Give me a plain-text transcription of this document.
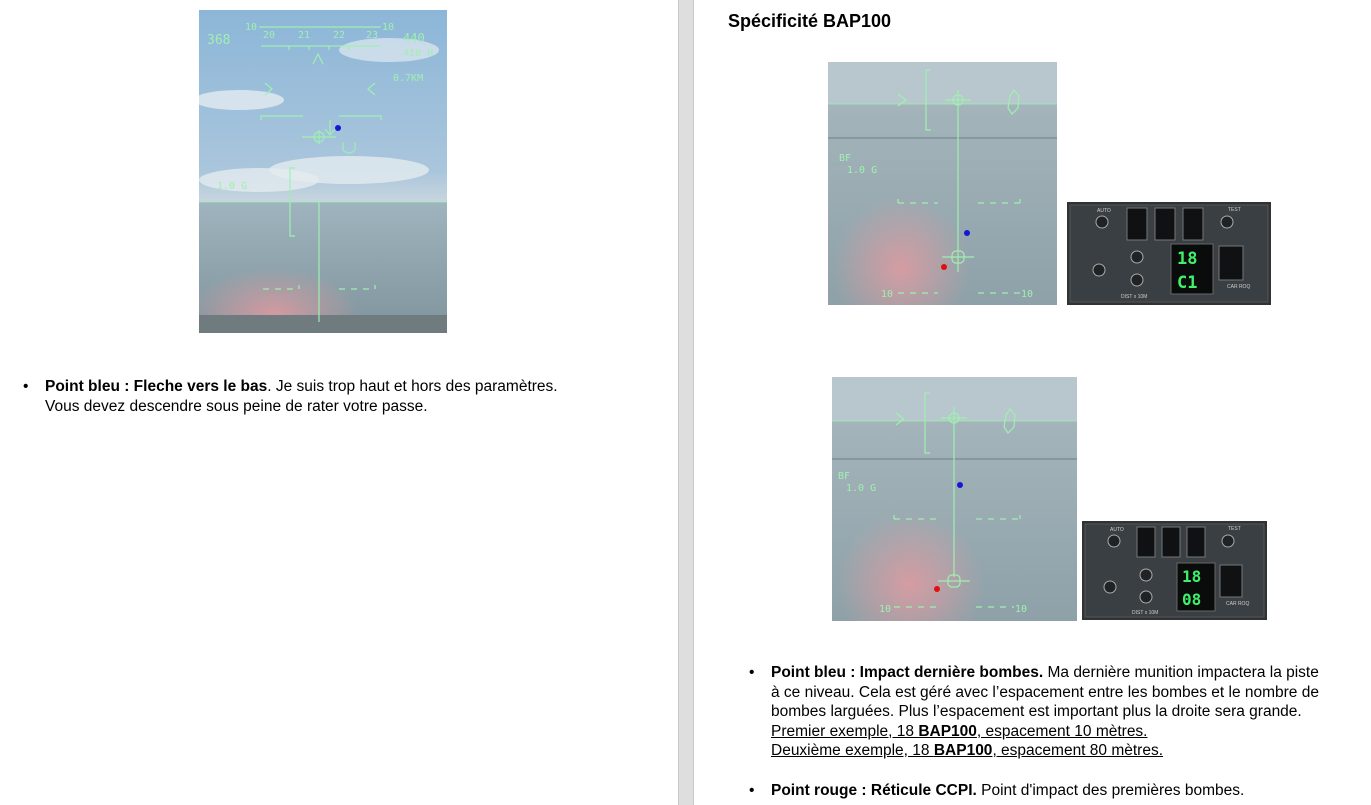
368	440
410 H
0.7KM
1.0 G
10	10
20 21 22 23
• Point bleu : Fleche vers le bas. Je suis trop haut et hors des paramètres.
Vous devez descendre sous peine de rater votre passe.
Spécificité BAP100
BF
1.0 G
10	10
AUTO	TEST
18
C1
DIST x 10M
CAR ROQ
BF
1.0 G
10	10
AUTO	TEST
18
08
DIST x 10M
CAR ROQ
• Point bleu : Impact dernière bombes. Ma dernière munition impactera la piste
à ce niveau. Cela est géré avec l’espacement entre les bombes et le nombre de
bombes larguées. Plus l’espacement est important plus la droite sera grande.
Premier exemple, 18 BAP100, espacement 10 mètres.
Deuxième exemple, 18 BAP100, espacement 80 mètres.
• Point rouge : Réticule CCPI. Point d'impact des premières bombes.
